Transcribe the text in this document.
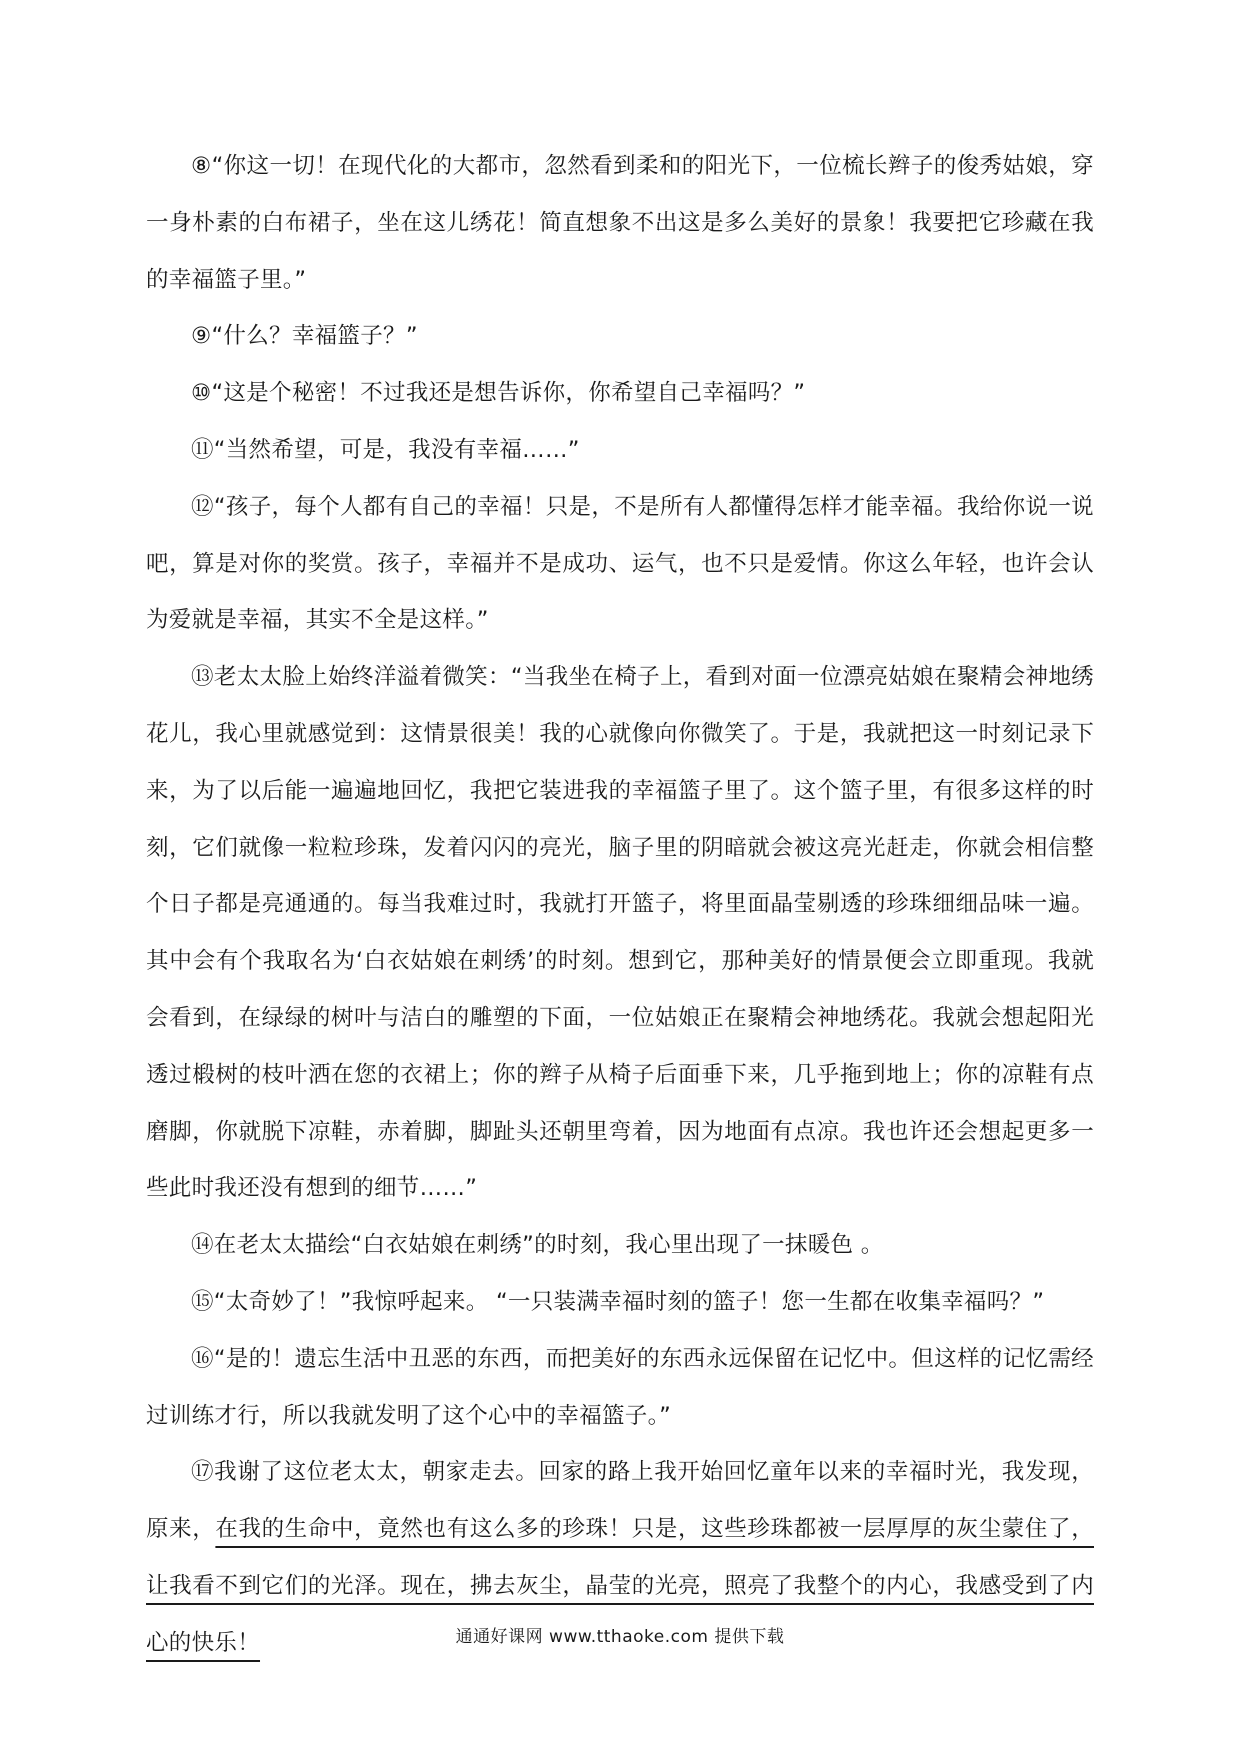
⑧“你这一切！在现代化的大都市，忽然看到柔和的阳光下，一位梳长辫子的俊秀姑娘，穿一身朴素的白布裙子，坐在这儿绣花！简直想象不出这是多么美好的景象！我要把它珍藏在我的幸福篮子里。”

⑨“什么？幸福篮子？”

⑩“这是个秘密！不过我还是想告诉你，你希望自己幸福吗？”

⑪“当然希望，可是，我没有幸福……”

⑫“孩子，每个人都有自己的幸福！只是，不是所有人都懂得怎样才能幸福。我给你说一说吧，算是对你的奖赏。孩子，幸福并不是成功、运气，也不只是爱情。你这么年轻，也许会认为爱就是幸福，其实不全是这样。”

⑬老太太脸上始终洋溢着微笑：“当我坐在椅子上，看到对面一位漂亮姑娘在聚精会神地绣花儿，我心里就感觉到：这情景很美！我的心就像向你微笑了。于是，我就把这一时刻记录下来，为了以后能一遍遍地回忆，我把它装进我的幸福篮子里了。这个篮子里，有很多这样的时刻，它们就像一粒粒珍珠，发着闪闪的亮光，脑子里的阴暗就会被这亮光赶走，你就会相信整个日子都是亮通通的。每当我难过时，我就打开篮子，将里面晶莹剔透的珍珠细细品味一遍。其中会有个我取名为‘白衣姑娘在刺绣’的时刻。想到它，那种美好的情景便会立即重现。我就会看到，在绿绿的树叶与洁白的雕塑的下面，一位姑娘正在聚精会神地绣花。我就会想起阳光透过椴树的枝叶洒在您的衣裙上；你的辫子从椅子后面垂下来，几乎拖到地上；你的凉鞋有点磨脚，你就脱下凉鞋，赤着脚，脚趾头还朝里弯着，因为地面有点凉。我也许还会想起更多一些此时我还没有想到的细节……”

⑭在老太太描绘“白衣姑娘在刺绣”的时刻，我心里出现了一抹暖色 。

⑮“太奇妙了！”我惊呼起来。 “一只装满幸福时刻的篮子！您一生都在收集幸福吗？”

⑯“是的！遗忘生活中丑恶的东西，而把美好的东西永远保留在记忆中。但这样的记忆需经过训练才行，所以我就发明了这个心中的幸福篮子。”

⑰我谢了这位老太太，朝家走去。回家的路上我开始回忆童年以来的幸福时光，我发现，原来，在我的生命中，竟然也有这么多的珍珠！只是，这些珍珠都被一层厚厚的灰尘蒙住了，让我看不到它们的光泽。现在，拂去灰尘，晶莹的光亮，照亮了我整个的内心，我感受到了内心的快乐！	通通好课网 www.tthaoke.com 提供下载
